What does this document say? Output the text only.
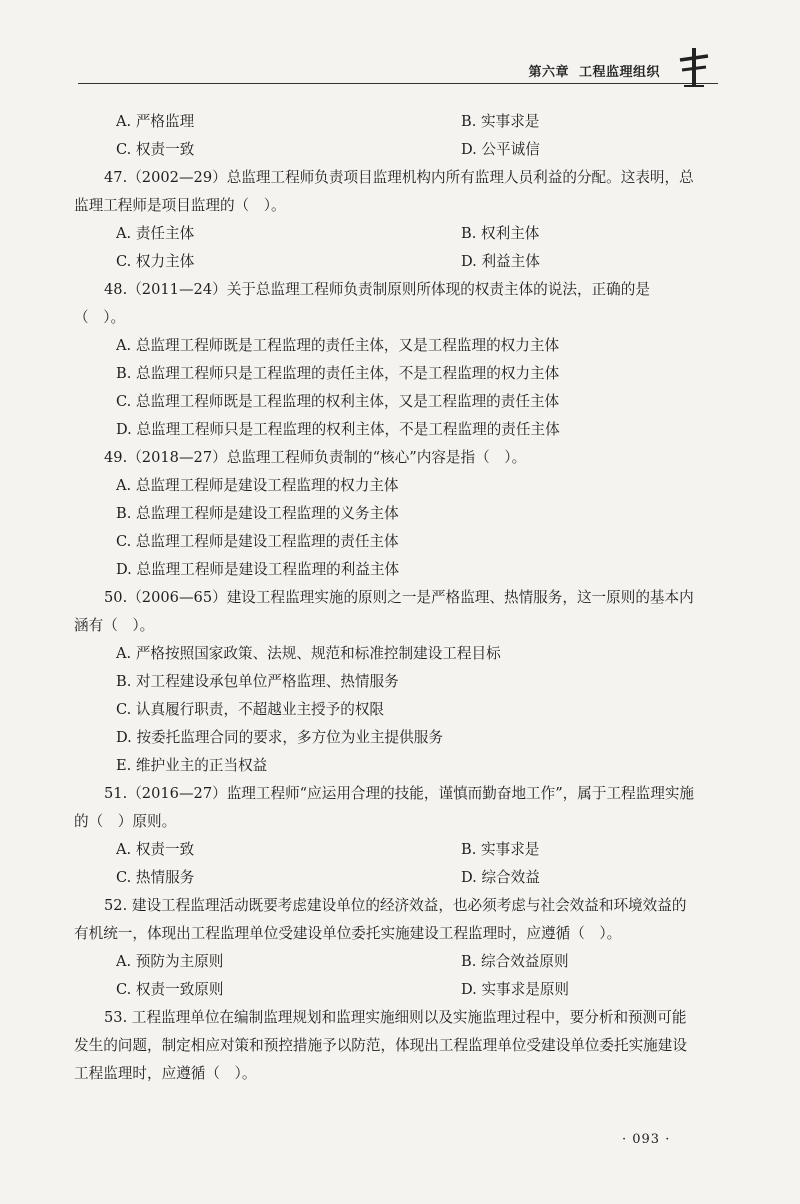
第六章 工程监理组织
A. 严格监理	B. 实事求是
C. 权责一致	D. 公平诚信

47.（2002—29）总监理工程师负责项目监理机构内所有监理人员利益的分配。这表明，总监理工程师是项目监理的（　）。

A. 责任主体	B. 权利主体
C. 权力主体	D. 利益主体

48.（2011—24）关于总监理工程师负责制原则所体现的权责主体的说法，正确的是（　）。

A. 总监理工程师既是工程监理的责任主体，又是工程监理的权力主体

B. 总监理工程师只是工程监理的责任主体，不是工程监理的权力主体

C. 总监理工程师既是工程监理的权利主体，又是工程监理的责任主体

D. 总监理工程师只是工程监理的权利主体，不是工程监理的责任主体

49.（2018—27）总监理工程师负责制的“核心”内容是指（　）。

A. 总监理工程师是建设工程监理的权力主体

B. 总监理工程师是建设工程监理的义务主体

C. 总监理工程师是建设工程监理的责任主体

D. 总监理工程师是建设工程监理的利益主体

50.（2006—65）建设工程监理实施的原则之一是严格监理、热情服务，这一原则的基本内涵有（　）。

A. 严格按照国家政策、法规、规范和标准控制建设工程目标

B. 对工程建设承包单位严格监理、热情服务

C. 认真履行职责，不超越业主授予的权限

D. 按委托监理合同的要求，多方位为业主提供服务

E. 维护业主的正当权益

51.（2016—27）监理工程师“应运用合理的技能，谨慎而勤奋地工作”，属于工程监理实施的（　）原则。

A. 权责一致	B. 实事求是
C. 热情服务	D. 综合效益

52. 建设工程监理活动既要考虑建设单位的经济效益，也必须考虑与社会效益和环境效益的有机统一，体现出工程监理单位受建设单位委托实施建设工程监理时，应遵循（　）。

A. 预防为主原则	B. 综合效益原则
C. 权责一致原则	D. 实事求是原则

53. 工程监理单位在编制监理规划和监理实施细则以及实施监理过程中，要分析和预测可能发生的问题，制定相应对策和预控措施予以防范，体现出工程监理单位受建设单位委托实施建设工程监理时，应遵循（　）。

· 093 ·
